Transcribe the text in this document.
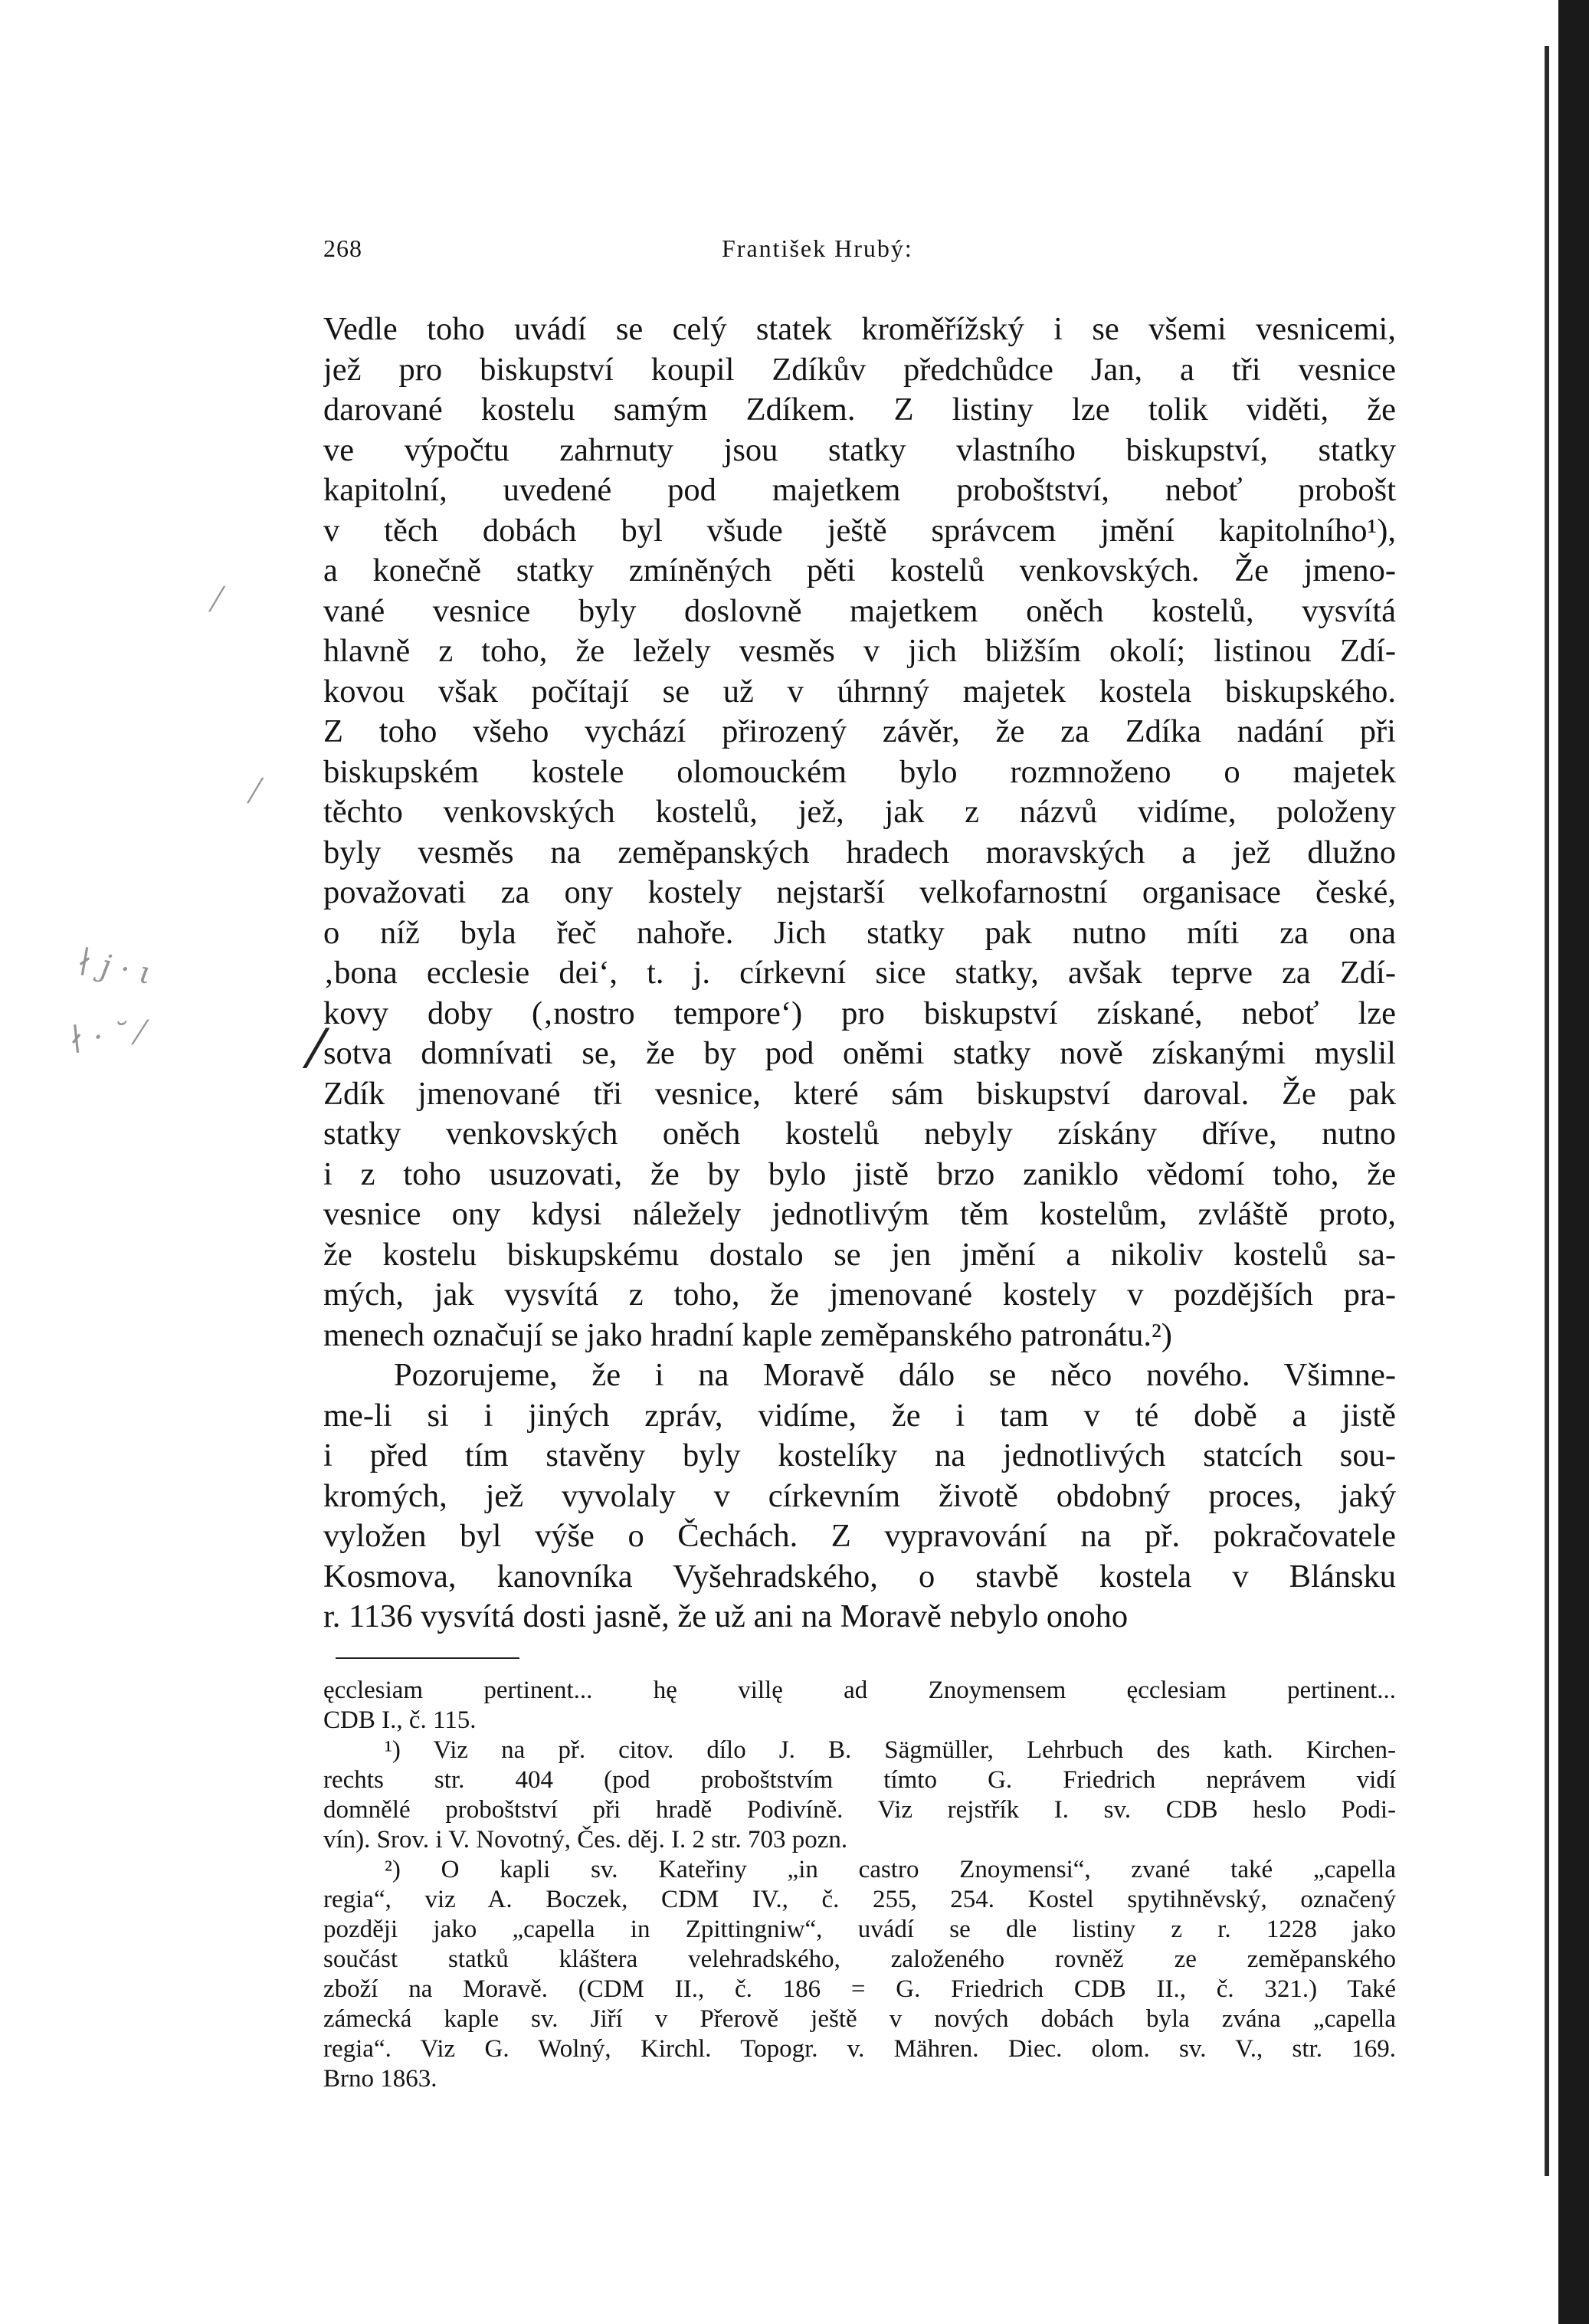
⁄
⁄
∤ ϳ · ι
∤ · ˘ ⁄	/
268	František Hrubý:
Vedle toho uvádí se celý statek kroměřížský i se všemi vesnicemi,
jež pro biskupství koupil Zdíkův předchůdce Jan, a tři vesnice
darované kostelu samým Zdíkem. Z listiny lze tolik viděti, že
ve výpočtu zahrnuty jsou statky vlastního biskupství, statky
kapitolní, uvedené pod majetkem proboštství, neboť probošt
v těch dobách byl všude ještě správcem jmění kapitolního¹),
a konečně statky zmíněných pěti kostelů venkovských. Že jmeno-
vané vesnice byly doslovně majetkem oněch kostelů, vysvítá
hlavně z toho, že ležely vesměs v jich bližším okolí; listinou Zdí-
kovou však počítají se už v úhrnný majetek kostela biskupského.
Z toho všeho vychází přirozený závěr, že za Zdíka nadání při
biskupském kostele olomouckém bylo rozmnoženo o majetek
těchto venkovských kostelů, jež, jak z názvů vidíme, položeny
byly vesměs na zeměpanských hradech moravských a jež dlužno
považovati za ony kostely nejstarší velkofarnostní organisace české,
o níž byla řeč nahoře. Jich statky pak nutno míti za ona
‚bona ecclesie dei‘, t. j. církevní sice statky, avšak teprve za Zdí-
kovy doby (‚nostro tempore‘) pro biskupství získané, neboť lze
sotva domnívati se, že by pod oněmi statky nově získanými myslil
Zdík jmenované tři vesnice, které sám biskupství daroval. Že pak
statky venkovských oněch kostelů nebyly získány dříve, nutno
i z toho usuzovati, že by bylo jistě brzo zaniklo vědomí toho, že
vesnice ony kdysi náležely jednotlivým těm kostelům, zvláště proto,
že kostelu biskupskému dostalo se jen jmění a nikoliv kostelů sa-
mých, jak vysvítá z toho, že jmenované kostely v pozdějších pra-
menech označují se jako hradní kaple zeměpanského patronátu.²)
Pozorujeme, že i na Moravě dálo se něco nového. Všimne-
me-li si i jiných zpráv, vidíme, že i tam v té době a jistě
i před tím stavěny byly kostelíky na jednotlivých statcích sou-
kromých, jež vyvolaly v církevním životě obdobný proces, jaký
vyložen byl výše o Čechách. Z vypravování na př. pokračovatele
Kosmova, kanovníka Vyšehradského, o stavbě kostela v Blánsku
r. 1136 vysvítá dosti jasně, že už ani na Moravě nebylo onoho
ęcclesiam pertinent... hę villę ad Znoymensem ęcclesiam pertinent...
CDB I., č. 115.
¹) Viz na př. citov. dílo J. B. Sägmüller, Lehrbuch des kath. Kirchen-
rechts str. 404 (pod proboštstvím tímto G. Friedrich neprávem vidí
domnělé proboštství při hradě Podivíně. Viz rejstřík I. sv. CDB heslo Podi-
vín). Srov. i V. Novotný, Čes. děj. I. 2 str. 703 pozn.
²) O kapli sv. Kateřiny „in castro Znoymensi“, zvané také „capella
regia“, viz A. Boczek, CDM IV., č. 255, 254. Kostel spytihněvský, označený
později jako „capella in Zpittingniw“, uvádí se dle listiny z r. 1228 jako
součást statků kláštera velehradského, založeného rovněž ze zeměpanského
zboží na Moravě. (CDM II., č. 186 = G. Friedrich CDB II., č. 321.) Také
zámecká kaple sv. Jiří v Přerově ještě v nových dobách byla zvána „capella
regia“. Viz G. Wolný, Kirchl. Topogr. v. Mähren. Diec. olom. sv. V., str. 169.
Brno 1863.
